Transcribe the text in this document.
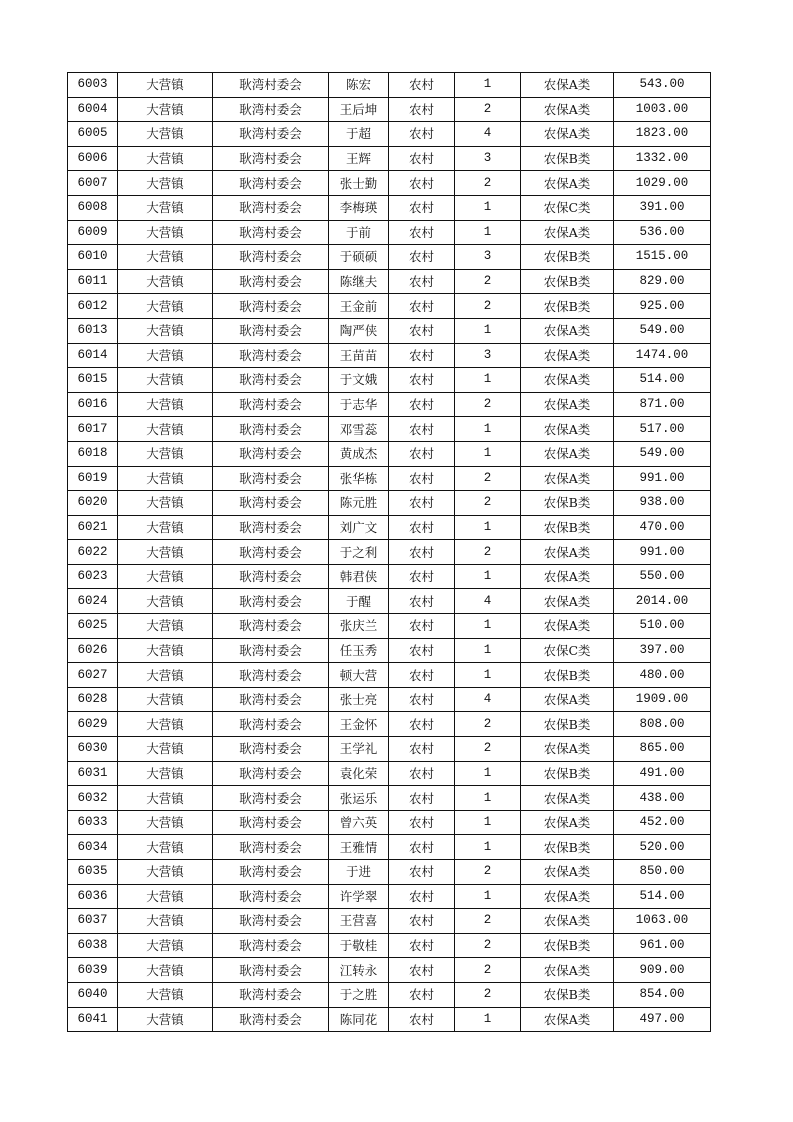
6003	大营镇	耿湾村委会	陈宏	农村	1	农保A类	543.00
6004	大营镇	耿湾村委会	王后坤	农村	2	农保A类	1003.00
6005	大营镇	耿湾村委会	于超	农村	4	农保A类	1823.00
6006	大营镇	耿湾村委会	王辉	农村	3	农保B类	1332.00
6007	大营镇	耿湾村委会	张士勤	农村	2	农保A类	1029.00
6008	大营镇	耿湾村委会	李梅瑛	农村	1	农保C类	391.00
6009	大营镇	耿湾村委会	于前	农村	1	农保A类	536.00
6010	大营镇	耿湾村委会	于硕硕	农村	3	农保B类	1515.00
6011	大营镇	耿湾村委会	陈继夫	农村	2	农保B类	829.00
6012	大营镇	耿湾村委会	王金前	农村	2	农保B类	925.00
6013	大营镇	耿湾村委会	陶严侠	农村	1	农保A类	549.00
6014	大营镇	耿湾村委会	王苗苗	农村	3	农保A类	1474.00
6015	大营镇	耿湾村委会	于文娥	农村	1	农保A类	514.00
6016	大营镇	耿湾村委会	于志华	农村	2	农保A类	871.00
6017	大营镇	耿湾村委会	邓雪蕊	农村	1	农保A类	517.00
6018	大营镇	耿湾村委会	黄成杰	农村	1	农保A类	549.00
6019	大营镇	耿湾村委会	张华栋	农村	2	农保A类	991.00
6020	大营镇	耿湾村委会	陈元胜	农村	2	农保B类	938.00
6021	大营镇	耿湾村委会	刘广文	农村	1	农保B类	470.00
6022	大营镇	耿湾村委会	于之利	农村	2	农保A类	991.00
6023	大营镇	耿湾村委会	韩君侠	农村	1	农保A类	550.00
6024	大营镇	耿湾村委会	于醒	农村	4	农保A类	2014.00
6025	大营镇	耿湾村委会	张庆兰	农村	1	农保A类	510.00
6026	大营镇	耿湾村委会	任玉秀	农村	1	农保C类	397.00
6027	大营镇	耿湾村委会	顿大营	农村	1	农保B类	480.00
6028	大营镇	耿湾村委会	张士亮	农村	4	农保A类	1909.00
6029	大营镇	耿湾村委会	王金怀	农村	2	农保B类	808.00
6030	大营镇	耿湾村委会	王学礼	农村	2	农保A类	865.00
6031	大营镇	耿湾村委会	袁化荣	农村	1	农保B类	491.00
6032	大营镇	耿湾村委会	张运乐	农村	1	农保A类	438.00
6033	大营镇	耿湾村委会	曾六英	农村	1	农保A类	452.00
6034	大营镇	耿湾村委会	王雅情	农村	1	农保B类	520.00
6035	大营镇	耿湾村委会	于进	农村	2	农保A类	850.00
6036	大营镇	耿湾村委会	许学翠	农村	1	农保A类	514.00
6037	大营镇	耿湾村委会	王营喜	农村	2	农保A类	1063.00
6038	大营镇	耿湾村委会	于敬桂	农村	2	农保B类	961.00
6039	大营镇	耿湾村委会	江转永	农村	2	农保A类	909.00
6040	大营镇	耿湾村委会	于之胜	农村	2	农保B类	854.00
6041	大营镇	耿湾村委会	陈同花	农村	1	农保A类	497.00
